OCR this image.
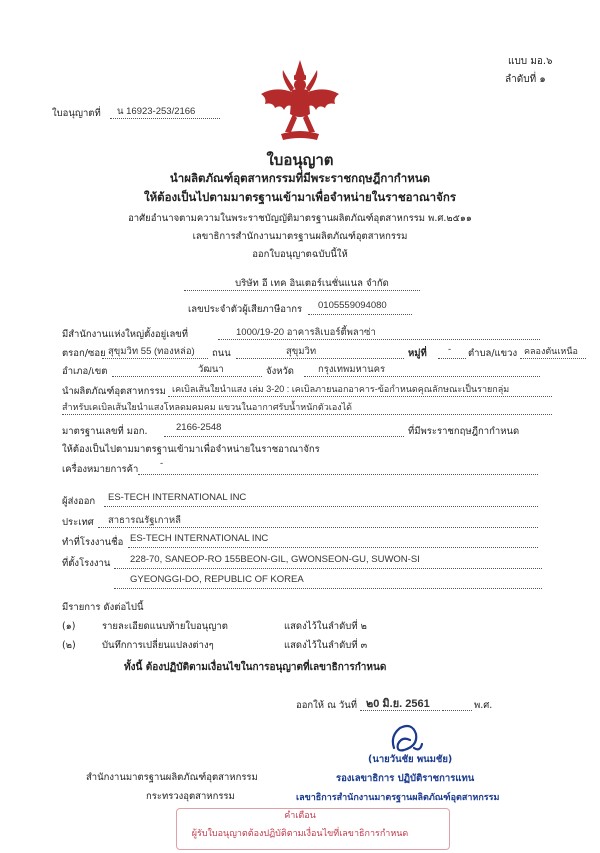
แบบ มอ.๖
ลำดับที่ ๑
ใบอนุญาตที่ น 16923-253/2166
ใบอนุญาต
นำผลิตภัณฑ์อุตสาหกรรมที่มีพระราชกฤษฎีกากำหนด
ให้ต้องเป็นไปตามมาตรฐานเข้ามาเพื่อจำหน่ายในราชอาณาจักร
อาศัยอำนาจตามความในพระราชบัญญัติมาตรฐานผลิตภัณฑ์อุตสาหกรรม พ.ศ.๒๕๑๑
เลขาธิการสำนักงานมาตรฐานผลิตภัณฑ์อุตสาหกรรม
ออกใบอนุญาตฉบับนี้ให้
บริษัท อี เทค อินเตอร์เนชั่นแนล จำกัด
เลขประจำตัวผู้เสียภาษีอากร 0105559094080
มีสำนักงานแห่งใหญ่ตั้งอยู่เลขที่	1000/19-20 อาคารลิเบอร์ตี้พลาซ่า
ตรอก/ซอย สุขุมวิท 55 (ทองหล่อ) ถนน	สุขุมวิท	หมู่ที่ - ตำบล/แขวง คลองตันเหนือ
อำเภอ/เขต	วัฒนา	จังหวัด	กรุงเทพมหานคร
นำผลิตภัณฑ์อุตสาหกรรม เคเบิลเส้นใยนำแสง เล่ม 3-20 : เคเบิลภายนอกอาคาร-ข้อกำหนดคุณลักษณะเป็นรายกลุ่ม
สำหรับเคเบิลเส้นใยนำแสงโหลดมคมคม แขวนในอากาศรับน้ำหนักตัวเองได้
มาตรฐานเลขที่ มอก.	2166-2548	ที่มีพระราชกฤษฎีกากำหนด
ให้ต้องเป็นไปตามมาตรฐานเข้ามาเพื่อจำหน่ายในราชอาณาจักร
เครื่องหมายการค้า
-
ผู้ส่งออก ES-TECH INTERNATIONAL INC
ประเทศ สาธารณรัฐเกาหลี
ทำที่โรงงานชื่อ ES-TECH INTERNATIONAL INC
ที่ตั้งโรงงาน 228-70, SANEOP-RO 155BEON-GIL, GWONSEON-GU, SUWON-SI
GYEONGGI-DO, REPUBLIC OF KOREA
มีรายการ ดังต่อไปนี้
(๑)	รายละเอียดแนบท้ายใบอนุญาต	แสดงไว้ในลำดับที่ ๒
(๒)	บันทึกการเปลี่ยนแปลงต่างๆ	แสดงไว้ในลำดับที่ ๓
ทั้งนี้ ต้องปฏิบัติตามเงื่อนไขในการอนุญาตที่เลขาธิการกำหนด
ออกให้ ณ วันที่ ๒0 มิ.ย. 2561	พ.ศ.
(นายวันชัย พนมชัย)
รองเลขาธิการ ปฏิบัติราชการแทน
เลขาธิการสำนักงานมาตรฐานผลิตภัณฑ์อุตสาหกรรม
สำนักงานมาตรฐานผลิตภัณฑ์อุตสาหกรรม
กระทรวงอุตสาหกรรม
คำเตือน
ผู้รับใบอนุญาตต้องปฏิบัติตามเงื่อนไขที่เลขาธิการกำหนด
